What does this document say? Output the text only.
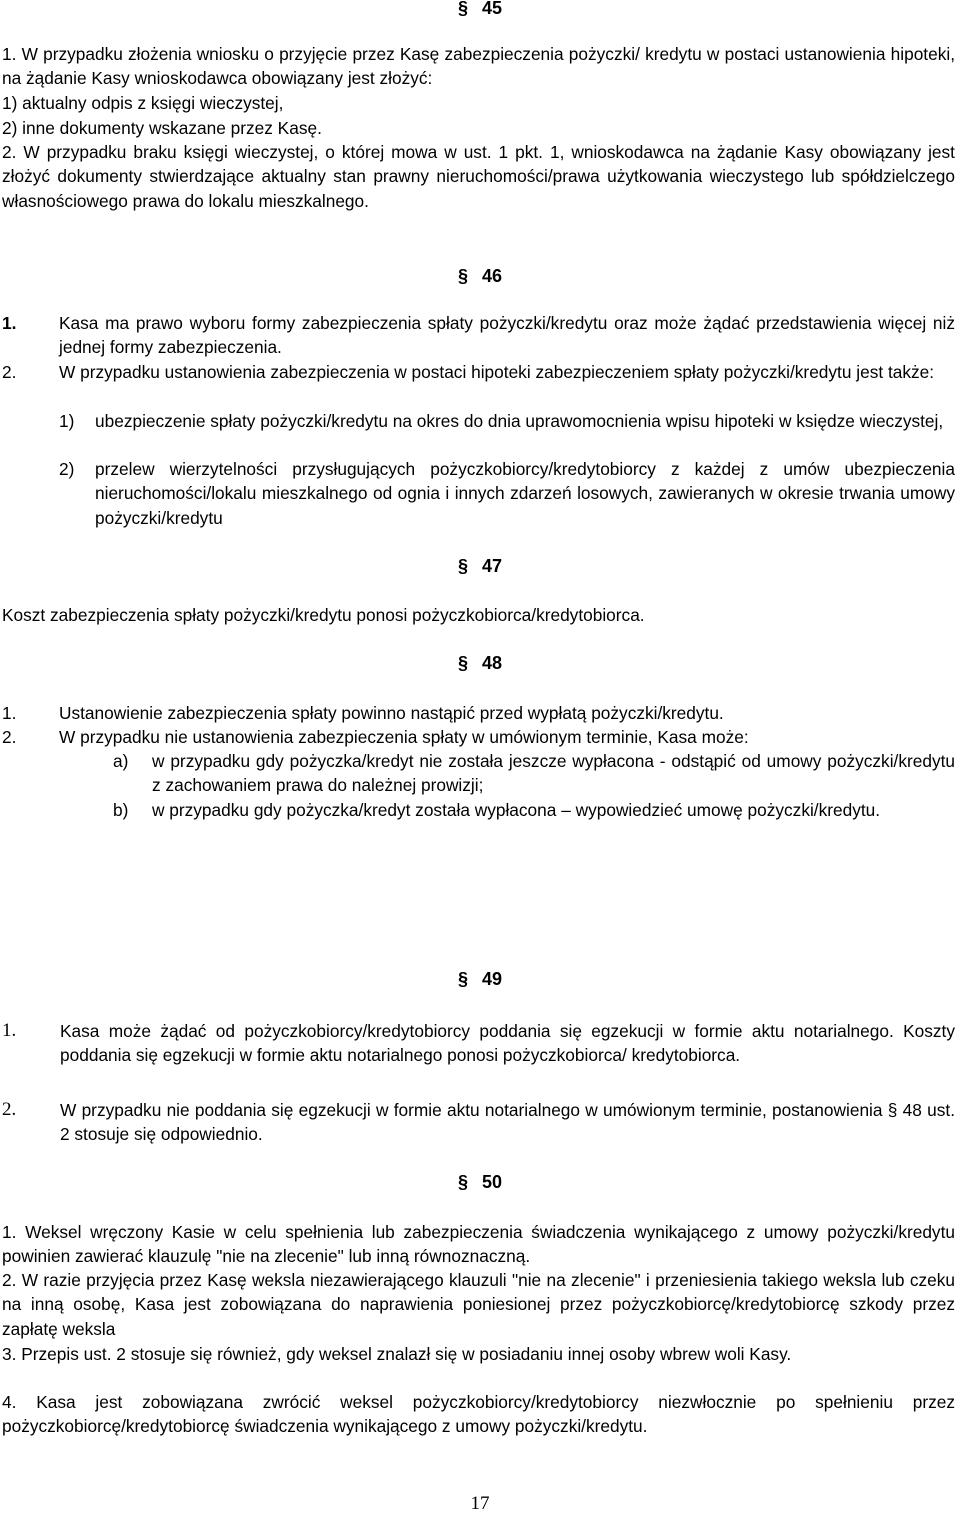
§ 45
1. W przypadku złożenia wniosku o przyjęcie przez Kasę zabezpieczenia pożyczki/ kredytu w postaci ustanowienia hipoteki, na żądanie Kasy wnioskodawca obowiązany jest złożyć:
1) aktualny odpis z księgi wieczystej,
2) inne dokumenty wskazane przez Kasę.
2. W przypadku braku księgi wieczystej, o której mowa w ust. 1 pkt. 1, wnioskodawca na żądanie Kasy obowiązany jest złożyć dokumenty stwierdzające aktualny stan prawny nieruchomości/prawa użytkowania wieczystego lub spółdzielczego własnościowego prawa do lokalu mieszkalnego.
§ 46
1. Kasa ma prawo wyboru formy zabezpieczenia spłaty pożyczki/kredytu oraz może żądać przedstawienia więcej niż jednej formy zabezpieczenia.
2. W przypadku ustanowienia zabezpieczenia w postaci hipoteki zabezpieczeniem spłaty pożyczki/kredytu jest także:
1) ubezpieczenie spłaty pożyczki/kredytu na okres do dnia uprawomocnienia wpisu hipoteki w księdze wieczystej,
2) przelew wierzytelności przysługujących pożyczkobiorcy/kredytobiorcy z każdej z umów ubezpieczenia nieruchomości/lokalu mieszkalnego od ognia i innych zdarzeń losowych, zawieranych w okresie trwania umowy pożyczki/kredytu
§ 47
Koszt zabezpieczenia spłaty pożyczki/kredytu ponosi pożyczkobiorca/kredytobiorca.
§ 48
1. Ustanowienie zabezpieczenia spłaty powinno nastąpić przed wypłatą pożyczki/kredytu.
2. W przypadku nie ustanowienia zabezpieczenia spłaty w umówionym terminie, Kasa może:
a) w przypadku gdy pożyczka/kredyt nie została jeszcze wypłacona - odstąpić od umowy pożyczki/kredytu z zachowaniem prawa do należnej prowizji;
b) w przypadku gdy pożyczka/kredyt została wypłacona – wypowiedzieć umowę pożyczki/kredytu.
§ 49
1.	Kasa może żądać od pożyczkobiorcy/kredytobiorcy poddania się egzekucji w formie aktu notarialnego. Koszty poddania się egzekucji w formie aktu notarialnego ponosi pożyczkobiorca/ kredytobiorca.
2.	W przypadku nie poddania się egzekucji w formie aktu notarialnego w umówionym terminie, postanowienia § 48 ust. 2 stosuje się odpowiednio.
§ 50
1. Weksel wręczony Kasie w celu spełnienia lub zabezpieczenia świadczenia wynikającego z umowy pożyczki/kredytu powinien zawierać klauzulę "nie na zlecenie" lub inną równoznaczną.
2. W razie przyjęcia przez Kasę weksla niezawierającego klauzuli "nie na zlecenie" i przeniesienia takiego weksla lub czeku na inną osobę, Kasa jest zobowiązana do naprawienia poniesionej przez pożyczkobiorcę/kredytobiorcę szkody przez zapłatę weksla
3. Przepis ust. 2 stosuje się również, gdy weksel znalazł się w posiadaniu innej osoby wbrew woli Kasy.
4. Kasa jest zobowiązana zwrócić weksel pożyczkobiorcy/kredytobiorcy niezwłocznie po spełnieniu przez pożyczkobiorcę/kredytobiorcę świadczenia wynikającego z umowy pożyczki/kredytu.
17
